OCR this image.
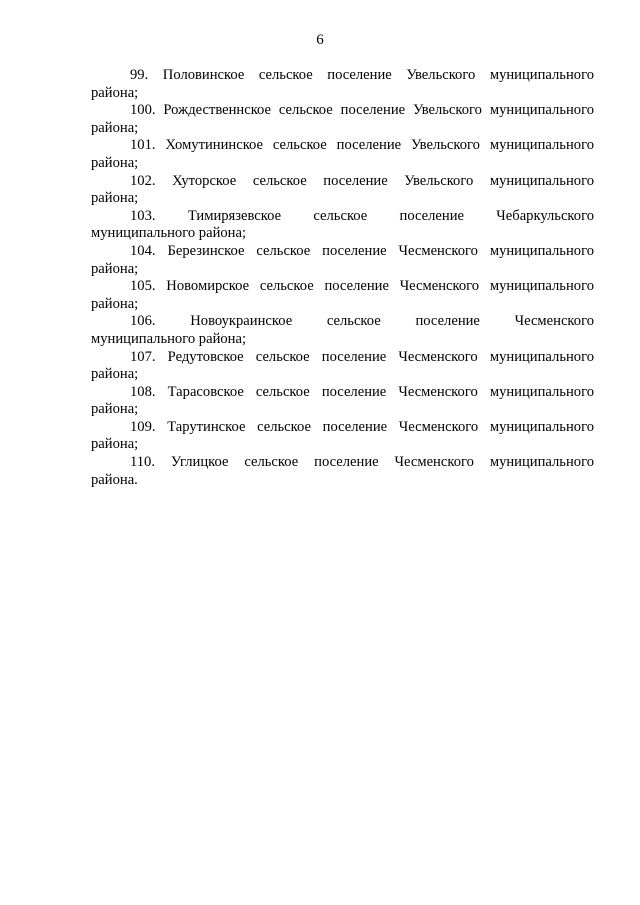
6
99. Половинское сельское поселение Увельского муниципального
района;
100. Рождественнское сельское поселение Увельского муниципального
района;
101. Хомутининское сельское поселение Увельского муниципального
района;
102. Хуторское сельское поселение Увельского муниципального
района;
103. Тимирязевское сельское поселение Чебаркульского
муниципального района;
104. Березинское сельское поселение Чесменского муниципального
района;
105. Новомирское сельское поселение Чесменского муниципального
района;
106. Новоукраинское сельское поселение Чесменского
муниципального района;
107. Редутовское сельское поселение Чесменского муниципального
района;
108. Тарасовское сельское поселение Чесменского муниципального
района;
109. Тарутинское сельское поселение Чесменского муниципального
района;
110. Углицкое сельское поселение Чесменского муниципального
района.
